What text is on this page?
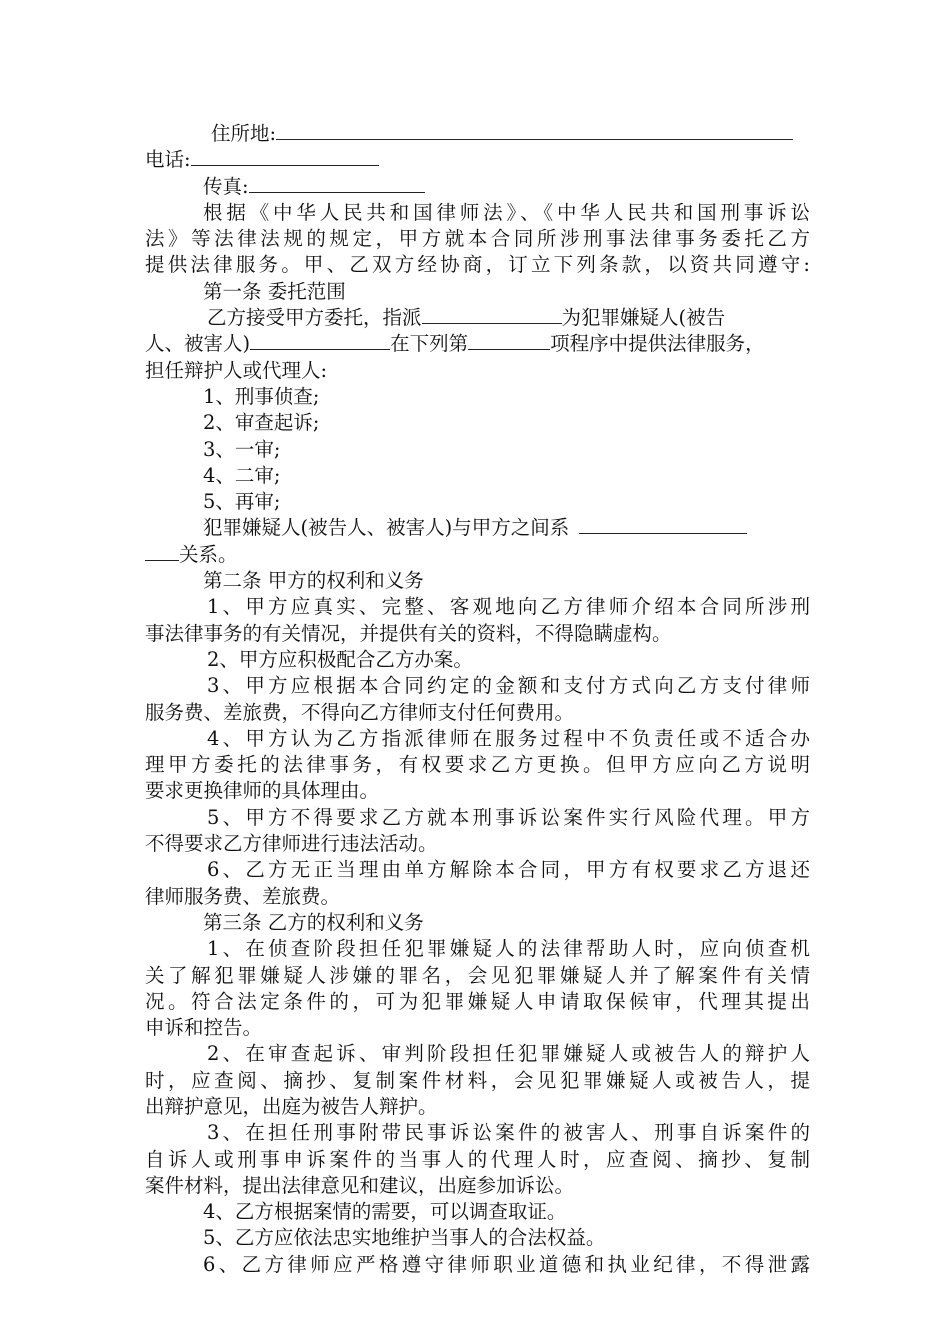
住所地:
电话:
传真:
根据《中华人民共和国律师法》、《中华人民共和国刑事诉讼
法》等法律法规的规定，甲方就本合同所涉刑事法律事务委托乙方
提供法律服务。甲、乙双方经协商，订立下列条款，以资共同遵守:
第一条 委托范围
乙方接受甲方委托，指派	为犯罪嫌疑人(被告
人、被害人)	在下列第	项程序中提供法律服务，
担任辩护人或代理人:
1、刑事侦查;
2、审查起诉;
3、一审;
4、二审;
5、再审;
犯罪嫌疑人(被告人、被害人)与甲方之间系
关系。
第二条 甲方的权利和义务
1、甲方应真实、完整、客观地向乙方律师介绍本合同所涉刑
事法律事务的有关情况，并提供有关的资料，不得隐瞒虚构。
2、甲方应积极配合乙方办案。
3、甲方应根据本合同约定的金额和支付方式向乙方支付律师
服务费、差旅费，不得向乙方律师支付任何费用。
4、甲方认为乙方指派律师在服务过程中不负责任或不适合办
理甲方委托的法律事务，有权要求乙方更换。但甲方应向乙方说明
要求更换律师的具体理由。
5、甲方不得要求乙方就本刑事诉讼案件实行风险代理。甲方
不得要求乙方律师进行违法活动。
6、乙方无正当理由单方解除本合同，甲方有权要求乙方退还
律师服务费、差旅费。
第三条 乙方的权利和义务
1、在侦查阶段担任犯罪嫌疑人的法律帮助人时，应向侦查机
关了解犯罪嫌疑人涉嫌的罪名，会见犯罪嫌疑人并了解案件有关情
况。符合法定条件的，可为犯罪嫌疑人申请取保候审，代理其提出
申诉和控告。
2、在审查起诉、审判阶段担任犯罪嫌疑人或被告人的辩护人
时，应查阅、摘抄、复制案件材料，会见犯罪嫌疑人或被告人，提
出辩护意见，出庭为被告人辩护。
3、在担任刑事附带民事诉讼案件的被害人、刑事自诉案件的
自诉人或刑事申诉案件的当事人的代理人时，应查阅、摘抄、复制
案件材料，提出法律意见和建议，出庭参加诉讼。
4、乙方根据案情的需要，可以调查取证。
5、乙方应依法忠实地维护当事人的合法权益。
6、乙方律师应严格遵守律师职业道德和执业纪律，不得泄露
